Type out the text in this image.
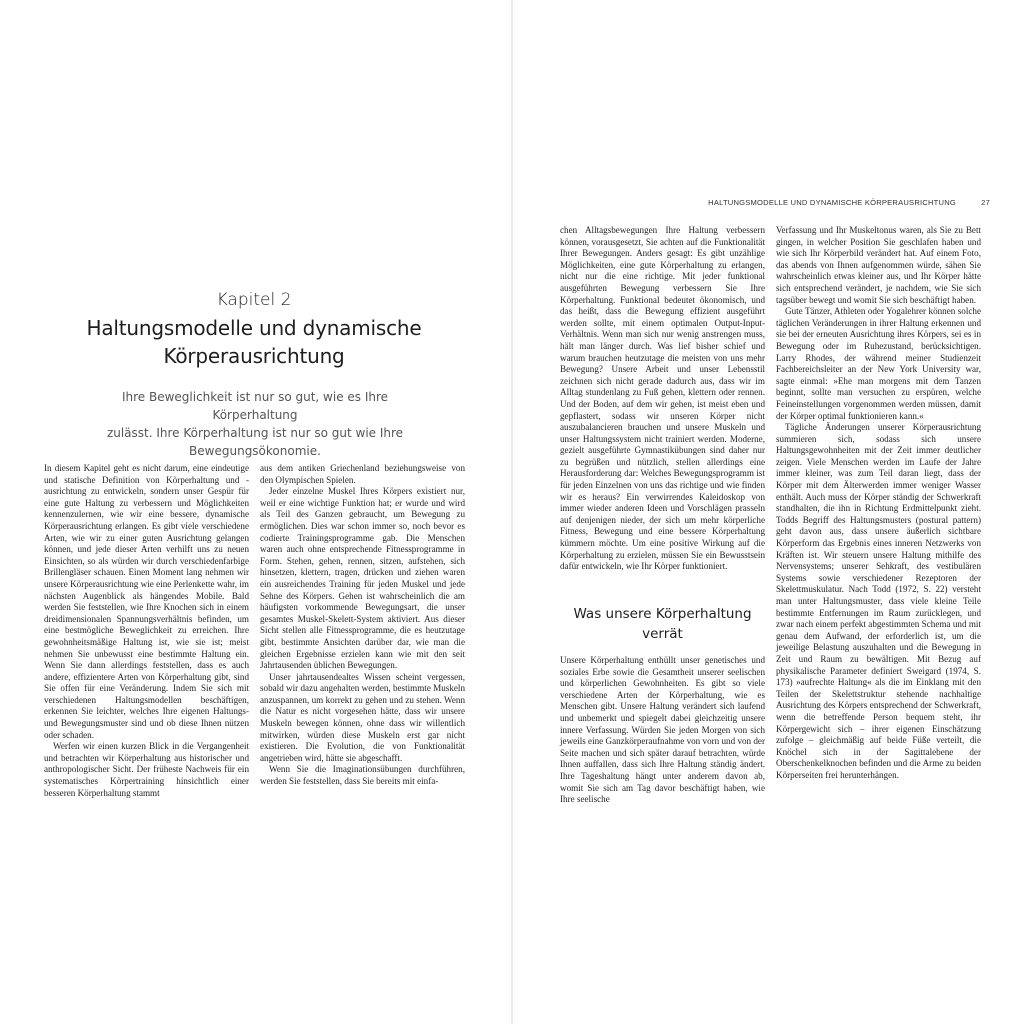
HALTUNGSMODELLE UND DYNAMISCHE KÖRPERAUSRICHTUNG	27
Kapitel 2
Haltungsmodelle und dynamische
Körperausrichtung
Ihre Beweglichkeit ist nur so gut, wie es Ihre Körperhaltung
zulässt. Ihre Körperhaltung ist nur so gut wie Ihre
Bewegungsökonomie.

In diesem Kapitel geht es nicht darum, eine eindeutige und statische Definition von Körperhaltung und -ausrichtung zu entwickeln, sondern unser Gespür für eine gute Haltung zu verbessern und Möglichkeiten kennenzulernen, wie wir eine bessere, dynamische Körperausrichtung erlangen. Es gibt viele verschiedene Arten, wie wir zu einer guten Ausrichtung gelangen können, und jede dieser Arten verhilft uns zu neuen Einsichten, so als würden wir durch verschiedenfarbige Brillengläser schauen. Einen Moment lang nehmen wir unsere Körperausrichtung wie eine Perlenkette wahr, im nächsten Augenblick als hängendes Mobile. Bald werden Sie feststellen, wie Ihre Knochen sich in einem dreidimensionalen Spannungsverhältnis befinden, um eine bestmögliche Beweglichkeit zu erreichen. Ihre gewohnheitsmäßige Haltung ist, wie sie ist; meist nehmen Sie unbewusst eine bestimmte Haltung ein. Wenn Sie dann allerdings feststellen, dass es auch andere, effizientere Arten von Körperhaltung gibt, sind Sie offen für eine Veränderung. Indem Sie sich mit verschiedenen Haltungsmodellen beschäftigen, erkennen Sie leichter, welches Ihre eigenen Haltungs- und Bewegungsmuster sind und ob diese Ihnen nützen oder schaden.

Werfen wir einen kurzen Blick in die Vergangenheit und betrachten wir Körperhaltung aus historischer und anthropologischer Sicht. Der früheste Nachweis für ein systematisches Körpertraining hinsichtlich einer besseren Körperhaltung stammt

aus dem antiken Griechenland beziehungsweise von den Olympischen Spielen.

Jeder einzelne Muskel Ihres Körpers existiert nur, weil er eine wichtige Funktion hat; er wurde und wird als Teil des Ganzen gebraucht, um Bewegung zu ermöglichen. Dies war schon immer so, noch bevor es codierte Trainingsprogramme gab. Die Menschen waren auch ohne entsprechende Fitnessprogramme in Form. Stehen, gehen, rennen, sitzen, aufstehen, sich hinsetzen, klettern, tragen, drücken und ziehen waren ein ausreichendes Training für jeden Muskel und jede Sehne des Körpers. Gehen ist wahrscheinlich die am häufigsten vorkommende Bewegungsart, die unser gesamtes Muskel-Skelett-System aktiviert. Aus dieser Sicht stellen alle Fitnessprogramme, die es heutzutage gibt, bestimmte Ansichten darüber dar, wie man die gleichen Ergebnisse erzielen kann wie mit den seit Jahrtausenden üblichen Bewegungen.

Unser jahrtausendealtes Wissen scheint vergessen, sobald wir dazu angehalten werden, bestimmte Muskeln anzuspannen, um korrekt zu gehen und zu stehen. Wenn die Natur es nicht vorgesehen hätte, dass wir unsere Muskeln bewegen können, ohne dass wir willentlich mitwirken, würden diese Muskeln erst gar nicht existieren. Die Evolution, die von Funktionalität angetrieben wird, hätte sie abgeschafft.

Wenn Sie die Imaginationsübungen durchführen, werden Sie feststellen, dass Sie bereits mit einfa-

chen Alltagsbewegungen Ihre Haltung verbessern können, vorausgesetzt, Sie achten auf die Funktionalität Ihrer Bewegungen. Anders gesagt: Es gibt unzählige Möglichkeiten, eine gute Körperhaltung zu erlangen, nicht nur die eine richtige. Mit jeder funktional ausgeführten Bewegung verbessern Sie Ihre Körperhaltung. Funktional bedeutet ökonomisch, und das heißt, dass die Bewegung effizient ausgeführt werden sollte, mit einem optimalen Output-Input-Verhältnis. Wenn man sich nur wenig anstrengen muss, hält man länger durch. Was lief bisher schief und warum brauchen heutzutage die meisten von uns mehr Bewegung? Unsere Arbeit und unser Lebensstil zeichnen sich nicht gerade dadurch aus, dass wir im Alltag stundenlang zu Fuß gehen, klettern oder rennen. Und der Boden, auf dem wir gehen, ist meist eben und gepflastert, sodass wir unseren Körper nicht auszubalancieren brauchen und unsere Muskeln und unser Haltungssystem nicht trainiert werden. Moderne, gezielt ausgeführte Gymnastikübungen sind daher nur zu begrüßen und nützlich, stellen allerdings eine Herausforderung dar: Welches Bewegungsprogramm ist für jeden Einzelnen von uns das richtige und wie finden wir es heraus? Ein verwirrendes Kaleidoskop von immer wieder anderen Ideen und Vorschlägen prasseln auf denjenigen nieder, der sich um mehr körperliche Fitness, Bewegung und eine bessere Körperhaltung kümmern möchte. Um eine positive Wirkung auf die Körperhaltung zu erzielen, müssen Sie ein Bewusstsein dafür entwickeln, wie Ihr Körper funktioniert.

Was unsere Körperhaltung
verrät

Unsere Körperhaltung enthüllt unser genetisches und soziales Erbe sowie die Gesamtheit unserer seelischen und körperlichen Gewohnheiten. Es gibt so viele verschiedene Arten der Körperhaltung, wie es Menschen gibt. Unsere Haltung verändert sich laufend und unbemerkt und spiegelt dabei gleichzeitig unsere innere Verfassung. Würden Sie jeden Morgen von sich jeweils eine Ganzkörperaufnahme von vorn und von der Seite machen und sich später darauf betrachten, würde Ihnen auffallen, dass sich Ihre Haltung ständig ändert. Ihre Tageshaltung hängt unter anderem davon ab, womit Sie sich am Tag davor beschäftigt haben, wie Ihre seelische

Verfassung und Ihr Muskeltonus waren, als Sie zu Bett gingen, in welcher Position Sie geschlafen haben und wie sich Ihr Körperbild verändert hat. Auf einem Foto, das abends von Ihnen aufgenommen würde, sähen Sie wahrscheinlich etwas kleiner aus, und Ihr Körper hätte sich entsprechend verändert, je nachdem, wie Sie sich tagsüber bewegt und womit Sie sich beschäftigt haben.

Gute Tänzer, Athleten oder Yogalehrer können solche täglichen Veränderungen in ihrer Haltung erkennen und sie bei der erneuten Ausrichtung ihres Körpers, sei es in Bewegung oder im Ruhezustand, berücksichtigen. Larry Rhodes, der während meiner Studienzeit Fachbereichsleiter an der New York University war, sagte einmal: »Ehe man morgens mit dem Tanzen beginnt, sollte man versuchen zu erspüren, welche Feineinstellungen vorgenommen werden müssen, damit der Körper optimal funktionieren kann.«

Tägliche Änderungen unserer Körperausrichtung summieren sich, sodass sich unsere Haltungsgewohnheiten mit der Zeit immer deutlicher zeigen. Viele Menschen werden im Laufe der Jahre immer kleiner, was zum Teil daran liegt, dass der Körper mit dem Älterwerden immer weniger Wasser enthält. Auch muss der Körper ständig der Schwerkraft standhalten, die ihn in Richtung Erdmittelpunkt zieht. Todds Begriff des Haltungsmusters (postural pattern) geht davon aus, dass unsere äußerlich sichtbare Körperform das Ergebnis eines inneren Netzwerks von Kräften ist. Wir steuern unsere Haltung mithilfe des Nervensystems; unserer Sehkraft, des vestibulären Systems sowie verschiedener Rezeptoren der Skelettmuskulatur. Nach Todd (1972, S. 22) versteht man unter Haltungsmuster, dass viele kleine Teile bestimmte Entfernungen im Raum zurücklegen, und zwar nach einem perfekt abgestimmten Schema und mit genau dem Aufwand, der erforderlich ist, um die jeweilige Belastung auszuhalten und die Bewegung in Zeit und Raum zu bewältigen. Mit Bezug auf physikalische Parameter definiert Sweigard (1974, S. 173) »aufrechte Haltung« als die im Einklang mit den Teilen der Skelettstruktur stehende nachhaltige Ausrichtung des Körpers entsprechend der Schwerkraft, wenn die betreffende Person bequem steht, ihr Körpergewicht sich – ihrer eigenen Einschätzung zufolge – gleichmäßig auf beide Füße verteilt, die Knöchel sich in der Sagittalebene der Oberschenkelknochen befinden und die Arme zu beiden Körperseiten frei herunterhängen.
